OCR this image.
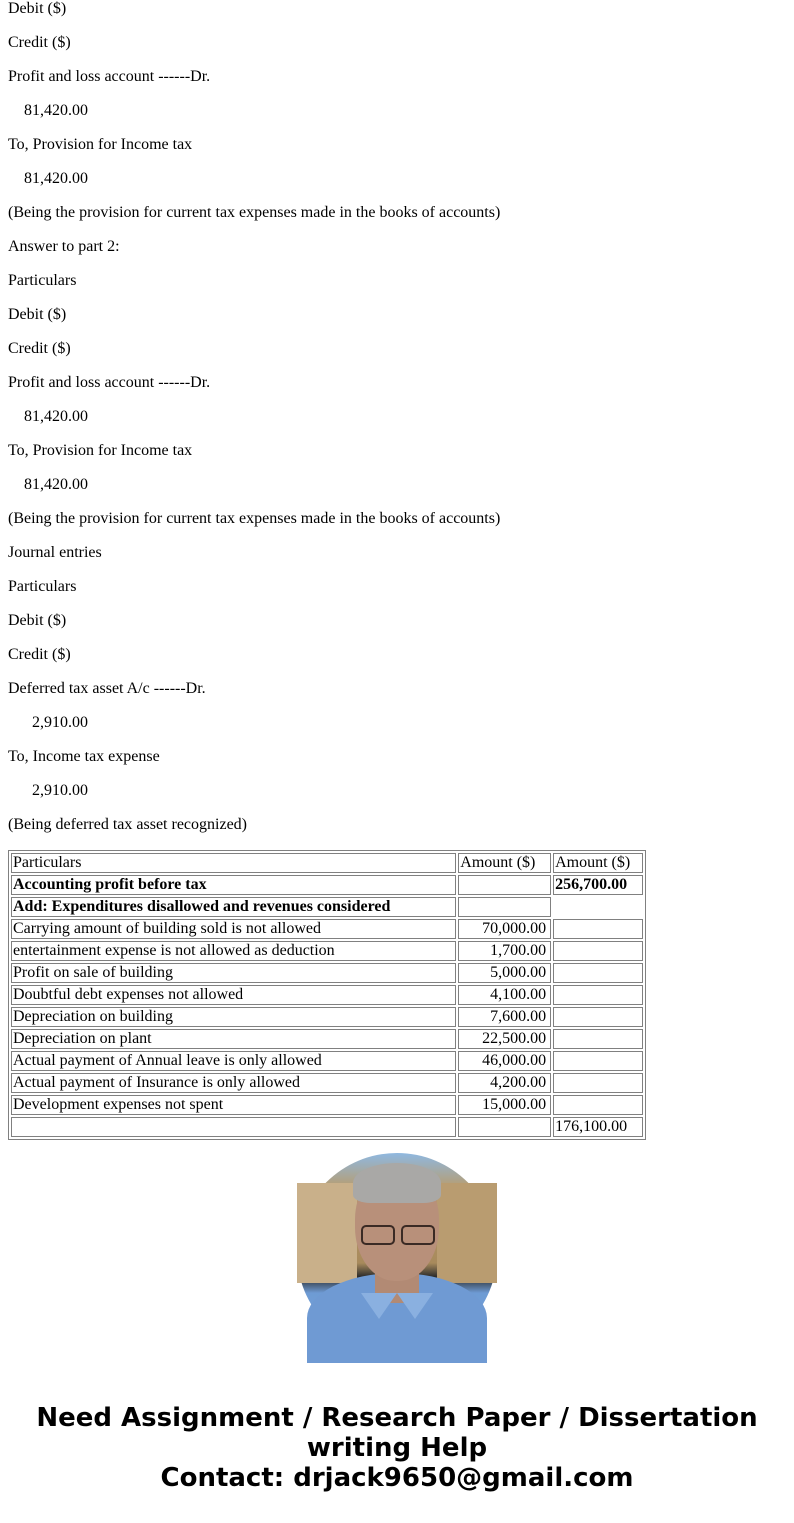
Debit ($)

Credit ($)

Profit and loss account ------Dr.

81,420.00

To, Provision for Income tax

81,420.00

(Being the provision for current tax expenses made in the books of accounts)

Answer to part 2:

Particulars

Debit ($)

Credit ($)

Profit and loss account ------Dr.

81,420.00

To, Provision for Income tax

81,420.00

(Being the provision for current tax expenses made in the books of accounts)

Journal entries

Particulars

Debit ($)

Credit ($)

Deferred tax asset A/c ------Dr.

2,910.00

To, Income tax expense

2,910.00

(Being deferred tax asset recognized)

Particulars	Amount ($)	Amount ($)
Accounting profit before tax		256,700.00
Add: Expenditures disallowed and revenues considered		
Carrying amount of building sold is not allowed	70,000.00	
entertainment expense is not allowed as deduction	1,700.00	
Profit on sale of building	5,000.00	
Doubtful debt expenses not allowed	4,100.00	
Depreciation on building	7,600.00	
Depreciation on plant	22,500.00	
Actual payment of Annual leave is only allowed	46,000.00	
Actual payment of Insurance is only allowed	4,200.00	
Development expenses not spent	15,000.00	
		176,100.00
Need Assignment / Research Paper / Dissertation
writing Help
Contact: drjack9650@gmail.com
